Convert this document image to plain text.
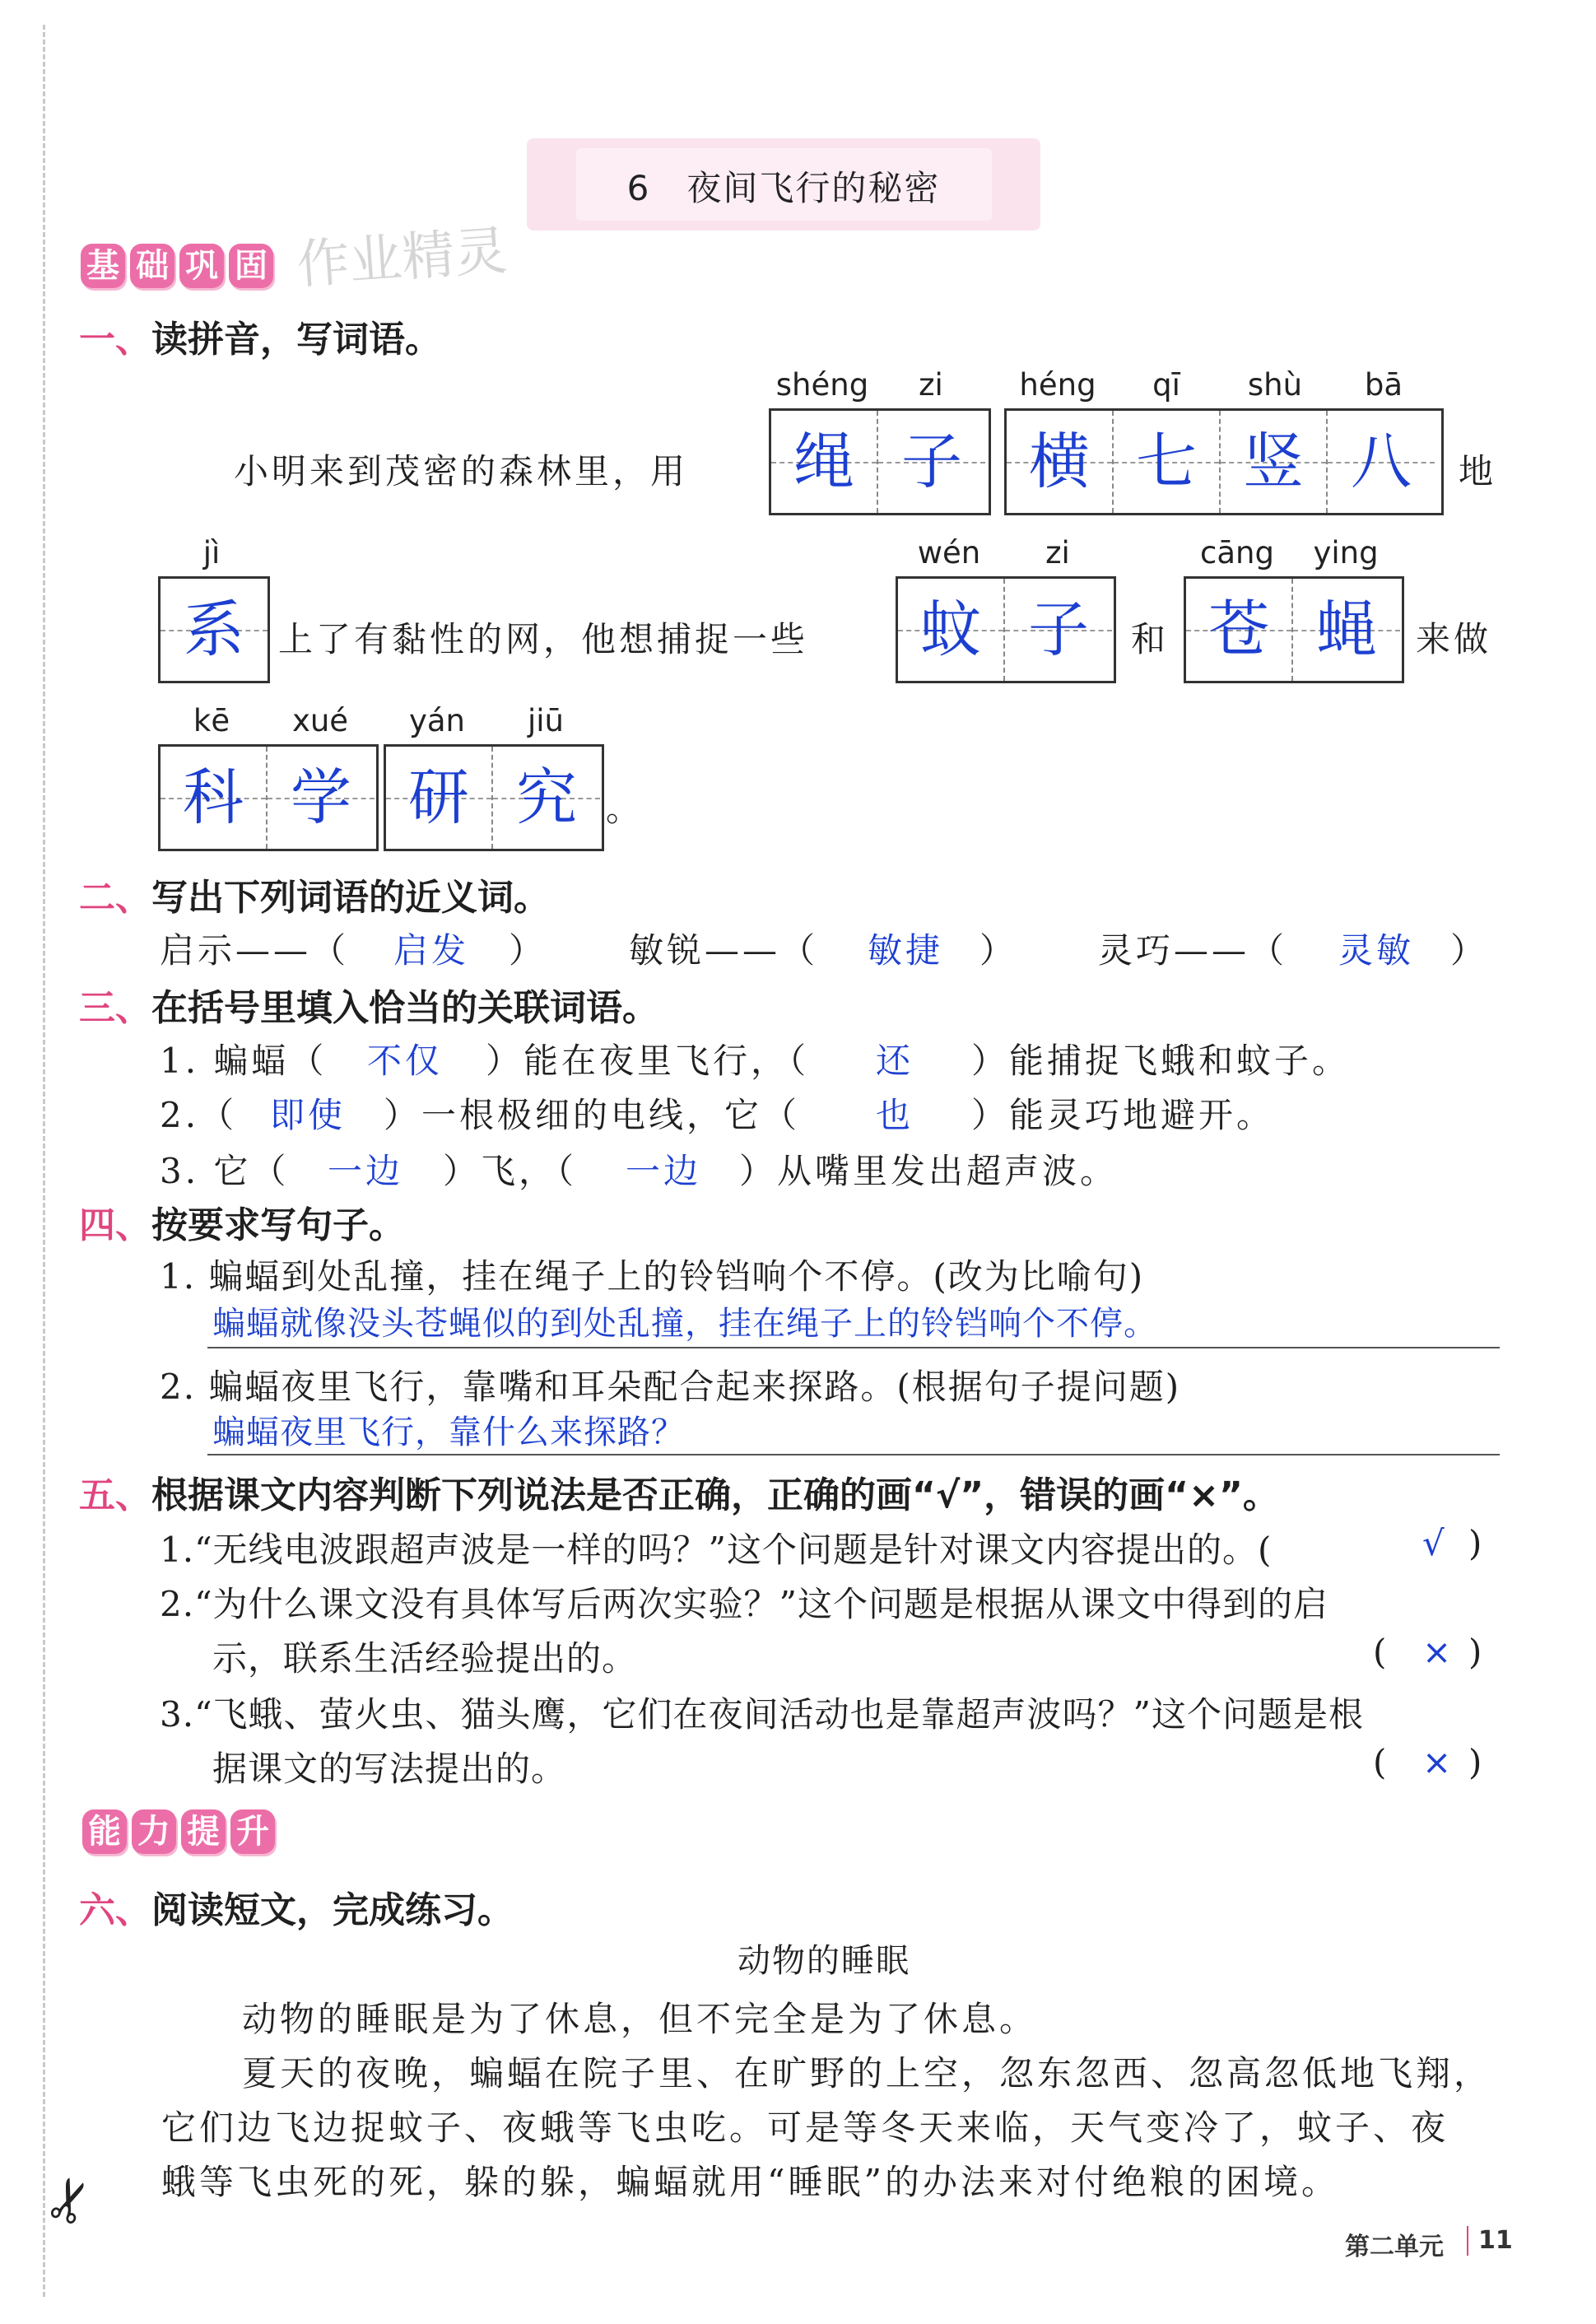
✂
6　夜间飞行的秘密
基 础 巩 固 作业精灵
一、读拼音，写词语。
shéng	zi	héng	qī	shù	bā
小明来到茂密的森林里，用	绳 子	横 七 竖 八	地
jì	wén	zi	cāng	ying
系 上了有黏性的网，他想捕捉一些	蚊 子	和 苍 蝇	来做
kē	xué	yán	jiū
科 学 研 究 。
二、写出下列词语的近义词。
启示——（ 启发 ） 敏锐——（ 敏捷 ） 灵巧——（ 灵敏 ）
三、在括号里填入恰当的关联词语。
1. 蝙蝠（ 不仅 ）能在夜里飞行，（ 还 ）能捕捉飞蛾和蚊子。
2.（ 即使 ）一根极细的电线，它（ 也 ）能灵巧地避开。
3. 它（ 一边 ）飞，（ 一边 ）从嘴里发出超声波。
四、按要求写句子。
1. 蝙蝠到处乱撞，挂在绳子上的铃铛响个不停。(改为比喻句)
蝙蝠就像没头苍蝇似的到处乱撞，挂在绳子上的铃铛响个不停。
2. 蝙蝠夜里飞行，靠嘴和耳朵配合起来探路。(根据句子提问题)
蝙蝠夜里飞行，靠什么来探路？
五、根据课文内容判断下列说法是否正确，正确的画“√”，错误的画“×”。
1.“无线电波跟超声波是一样的吗？”这个问题是针对课文内容提出的。(	√ )
2.“为什么课文没有具体写后两次实验？”这个问题是根据从课文中得到的启
示，联系生活经验提出的。	( × )
3.“飞蛾、萤火虫、猫头鹰，它们在夜间活动也是靠超声波吗？”这个问题是根
据课文的写法提出的。	( × )
能 力 提 升
六、阅读短文，完成练习。
动物的睡眠
动物的睡眠是为了休息，但不完全是为了休息。
夏天的夜晚，蝙蝠在院子里、在旷野的上空，忽东忽西、忽高忽低地飞翔，
它们边飞边捉蚊子、夜蛾等飞虫吃。可是等冬天来临，天气变冷了，蚊子、夜
蛾等飞虫死的死，躲的躲，蝙蝠就用“睡眠”的办法来对付绝粮的困境。
第二单元 11
